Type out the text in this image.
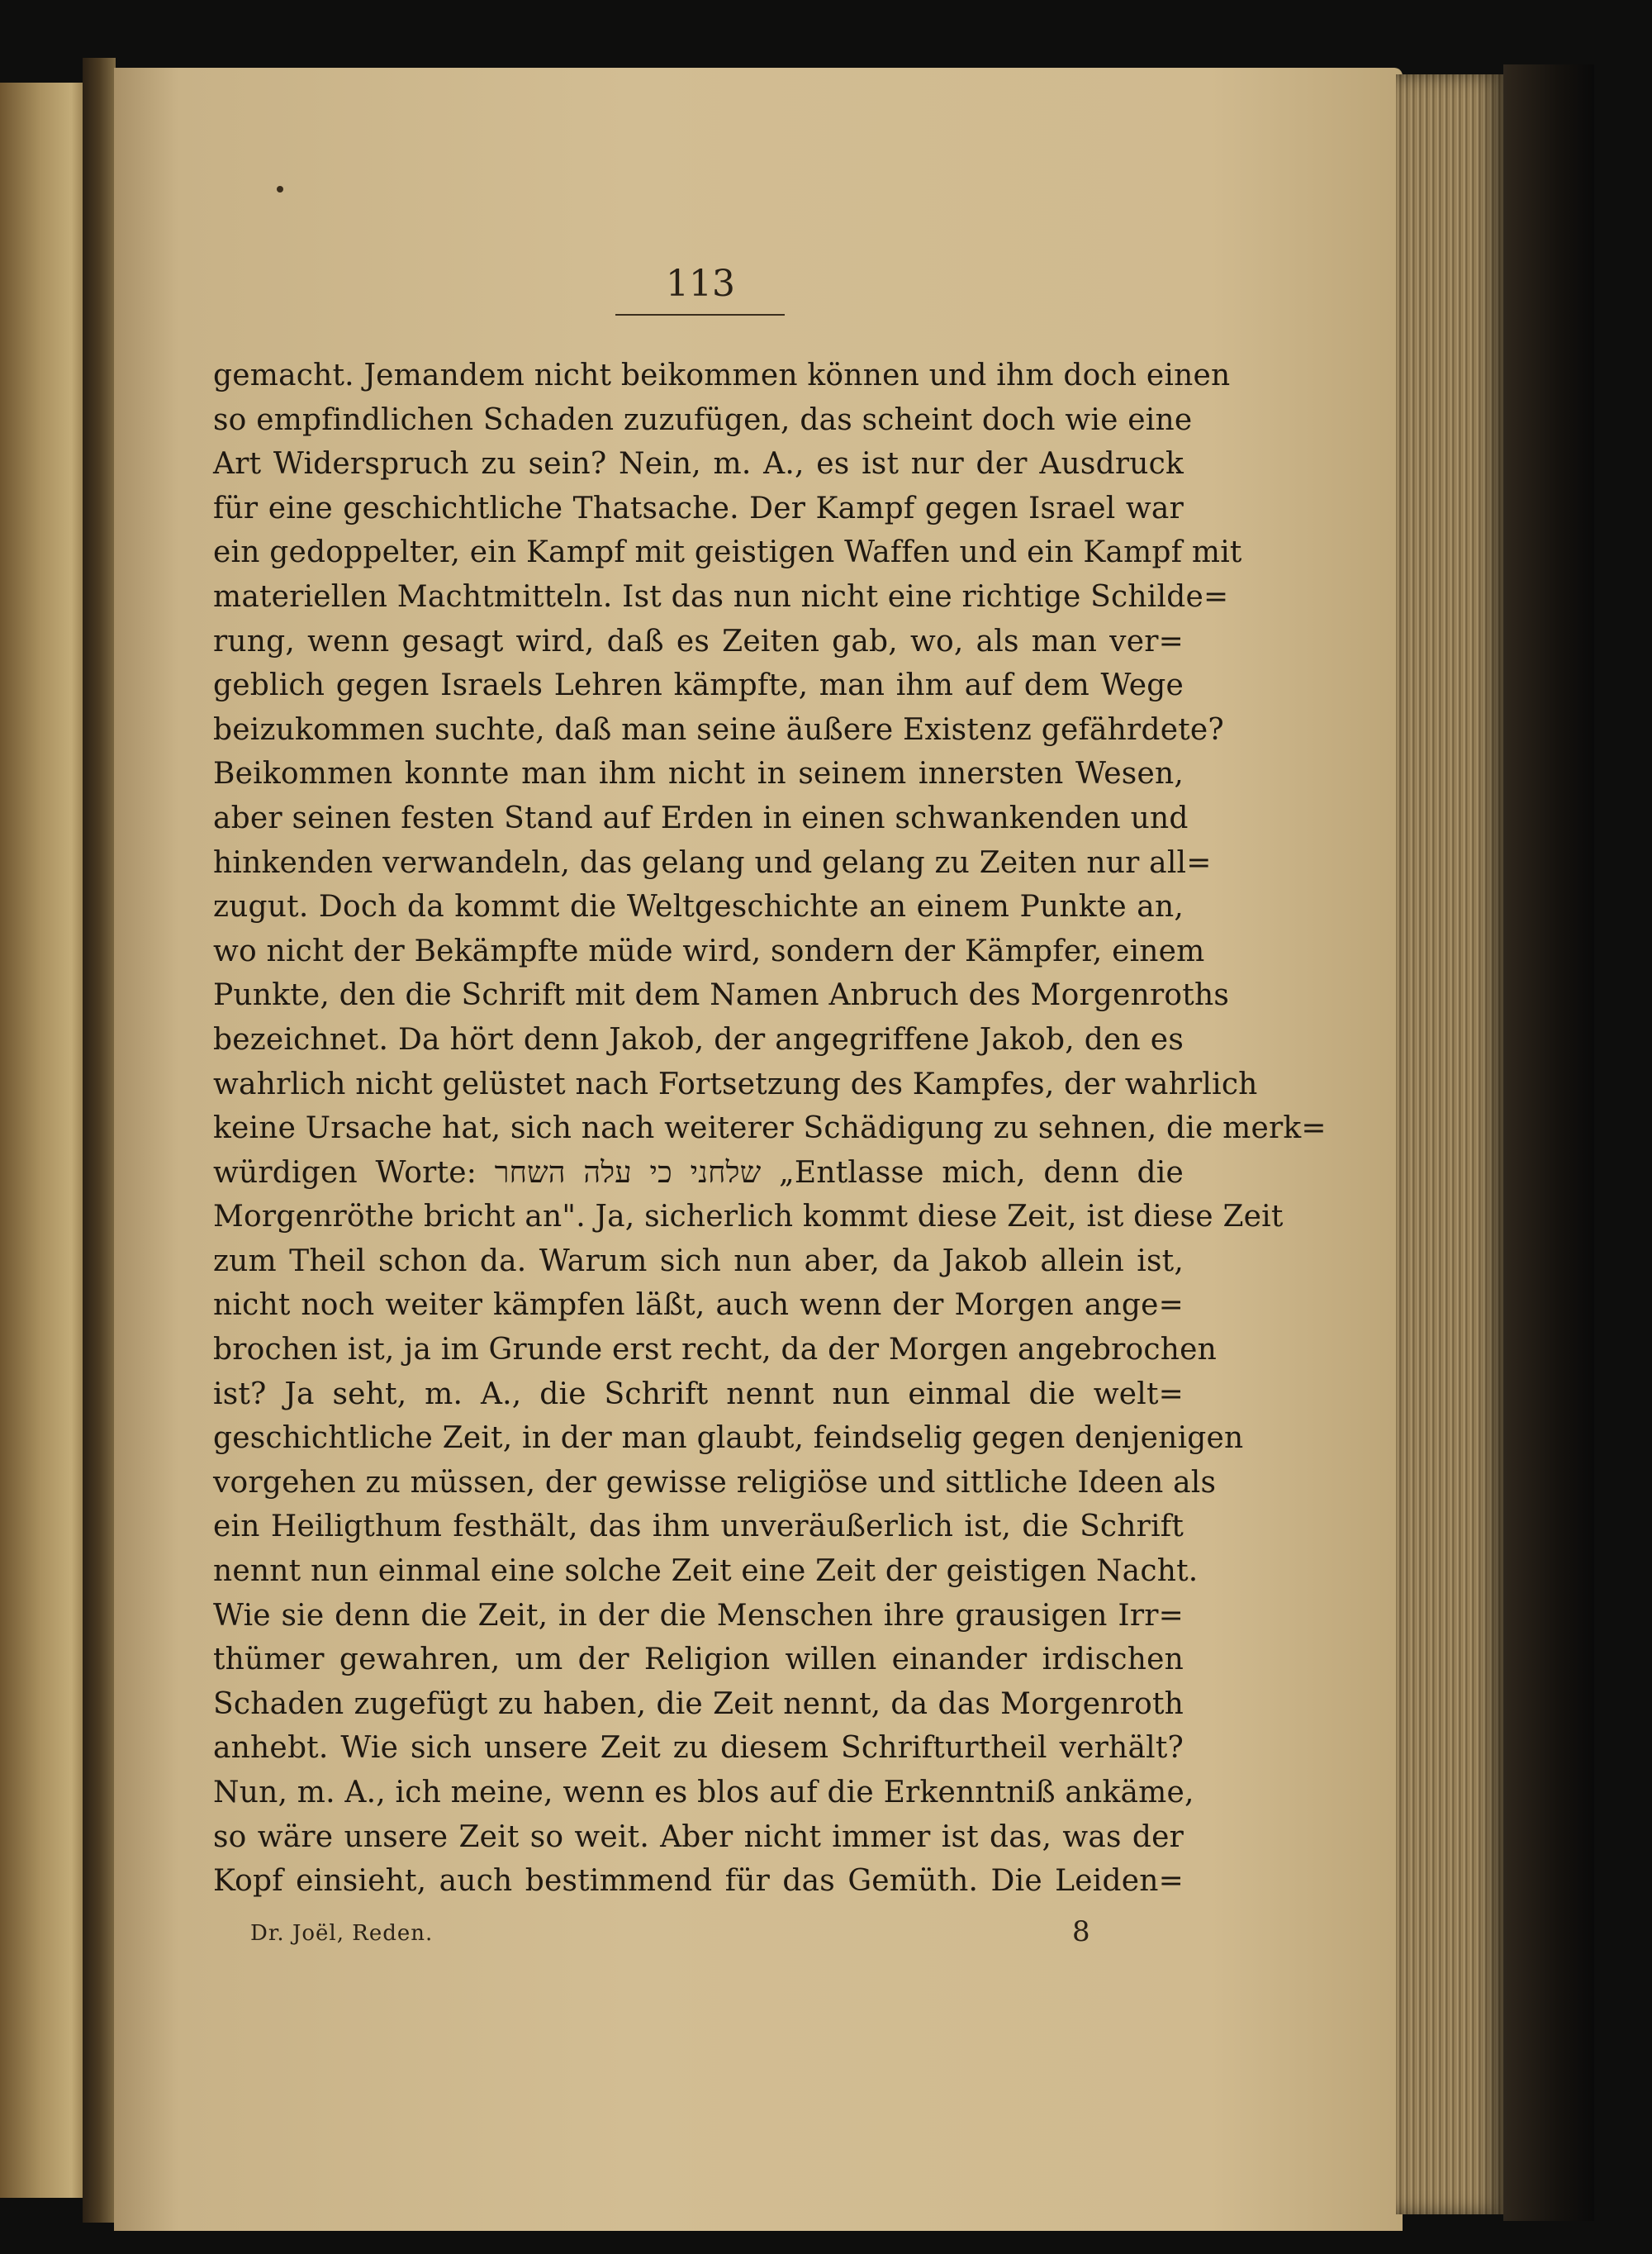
113
gemacht. Jemandem nicht beikommen können und ihm doch einen
so empfindlichen Schaden zuzufügen, das scheint doch wie eine
Art Widerspruch zu sein? Nein, m. A., es ist nur der Ausdruck
für eine geschichtliche Thatsache. Der Kampf gegen Israel war
ein gedoppelter, ein Kampf mit geistigen Waffen und ein Kampf mit
materiellen Machtmitteln. Ist das nun nicht eine richtige Schilde=
rung, wenn gesagt wird, daß es Zeiten gab, wo, als man ver=
geblich gegen Israels Lehren kämpfte, man ihm auf dem Wege
beizukommen suchte, daß man seine äußere Existenz gefährdete?
Beikommen konnte man ihm nicht in seinem innersten Wesen,
aber seinen festen Stand auf Erden in einen schwankenden und
hinkenden verwandeln, das gelang und gelang zu Zeiten nur all=
zugut. Doch da kommt die Weltgeschichte an einem Punkte an,
wo nicht der Bekämpfte müde wird, sondern der Kämpfer, einem
Punkte, den die Schrift mit dem Namen Anbruch des Morgenroths
bezeichnet. Da hört denn Jakob, der angegriffene Jakob, den es
wahrlich nicht gelüstet nach Fortsetzung des Kampfes, der wahrlich
keine Ursache hat, sich nach weiterer Schädigung zu sehnen, die merk=
würdigen Worte: שלחני כי עלה השחר „Entlasse mich, denn die
Morgenröthe bricht an". Ja, sicherlich kommt diese Zeit, ist diese Zeit
zum Theil schon da. Warum sich nun aber, da Jakob allein ist,
nicht noch weiter kämpfen läßt, auch wenn der Morgen ange=
brochen ist, ja im Grunde erst recht, da der Morgen angebrochen
ist? Ja seht, m. A., die Schrift nennt nun einmal die welt=
geschichtliche Zeit, in der man glaubt, feindselig gegen denjenigen
vorgehen zu müssen, der gewisse religiöse und sittliche Ideen als
ein Heiligthum festhält, das ihm unveräußerlich ist, die Schrift
nennt nun einmal eine solche Zeit eine Zeit der geistigen Nacht.
Wie sie denn die Zeit, in der die Menschen ihre grausigen Irr=
thümer gewahren, um der Religion willen einander irdischen
Schaden zugefügt zu haben, die Zeit nennt, da das Morgenroth
anhebt. Wie sich unsere Zeit zu diesem Schrifturtheil verhält?
Nun, m. A., ich meine, wenn es blos auf die Erkenntniß ankäme,
so wäre unsere Zeit so weit. Aber nicht immer ist das, was der
Kopf einsieht, auch bestimmend für das Gemüth. Die Leiden=
Dr. Joël, Reden.	8
